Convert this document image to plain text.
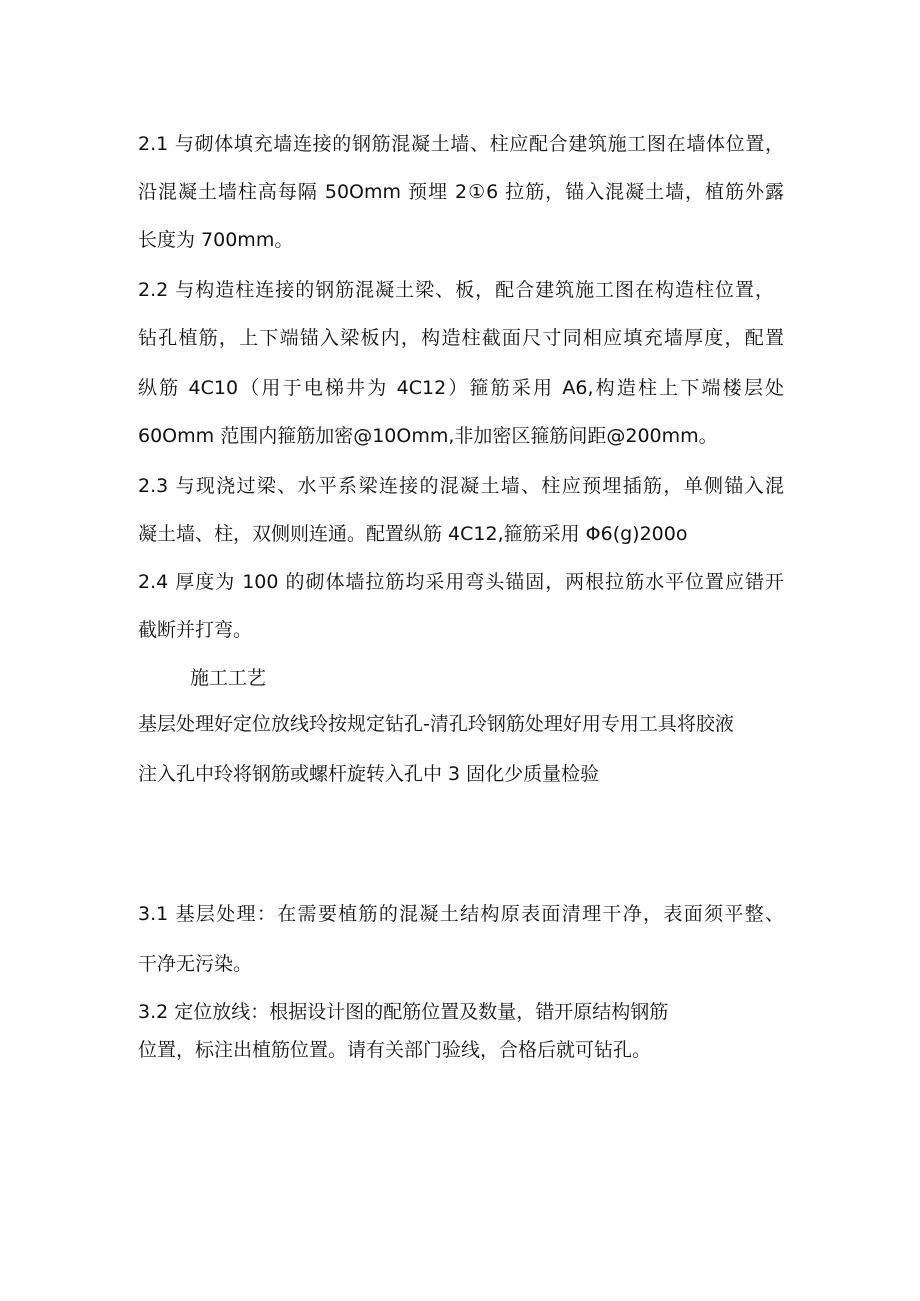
2.1 与砌体填充墙连接的钢筋混凝土墙、柱应配合建筑施工图在墙体位置，
沿混凝土墙柱高每隔 50Omm 预埋 2①6 拉筋，锚入混凝土墙，植筋外露
长度为 700mm。
2.2 与构造柱连接的钢筋混凝土梁、板，配合建筑施工图在构造柱位置，
钻孔植筋，上下端锚入梁板内，构造柱截面尺寸同相应填充墙厚度，配置
纵筋 4C10（用于电梯井为 4C12）箍筋采用 A6,构造柱上下端楼层处
60Omm 范围内箍筋加密@10Omm,非加密区箍筋间距@200mm。
2.3 与现浇过梁、水平系梁连接的混凝土墙、柱应预埋插筋，单侧锚入混
凝土墙、柱，双侧则连通。配置纵筋 4C12,箍筋采用 Φ6(g)200o
2.4 厚度为 100 的砌体墙拉筋均采用弯头锚固，两根拉筋水平位置应错开
截断并打弯。
施工工艺
基层处理好定位放线玲按规定钻孔-清孔玲钢筋处理好用专用工具将胶液
注入孔中玲将钢筋或螺杆旋转入孔中 3 固化少质量检验
3.1 基层处理：在需要植筋的混凝土结构原表面清理干净，表面须平整、
干净无污染。
3.2 定位放线：根据设计图的配筋位置及数量，错开原结构钢筋
位置，标注出植筋位置。请有关部门验线，合格后就可钻孔。
